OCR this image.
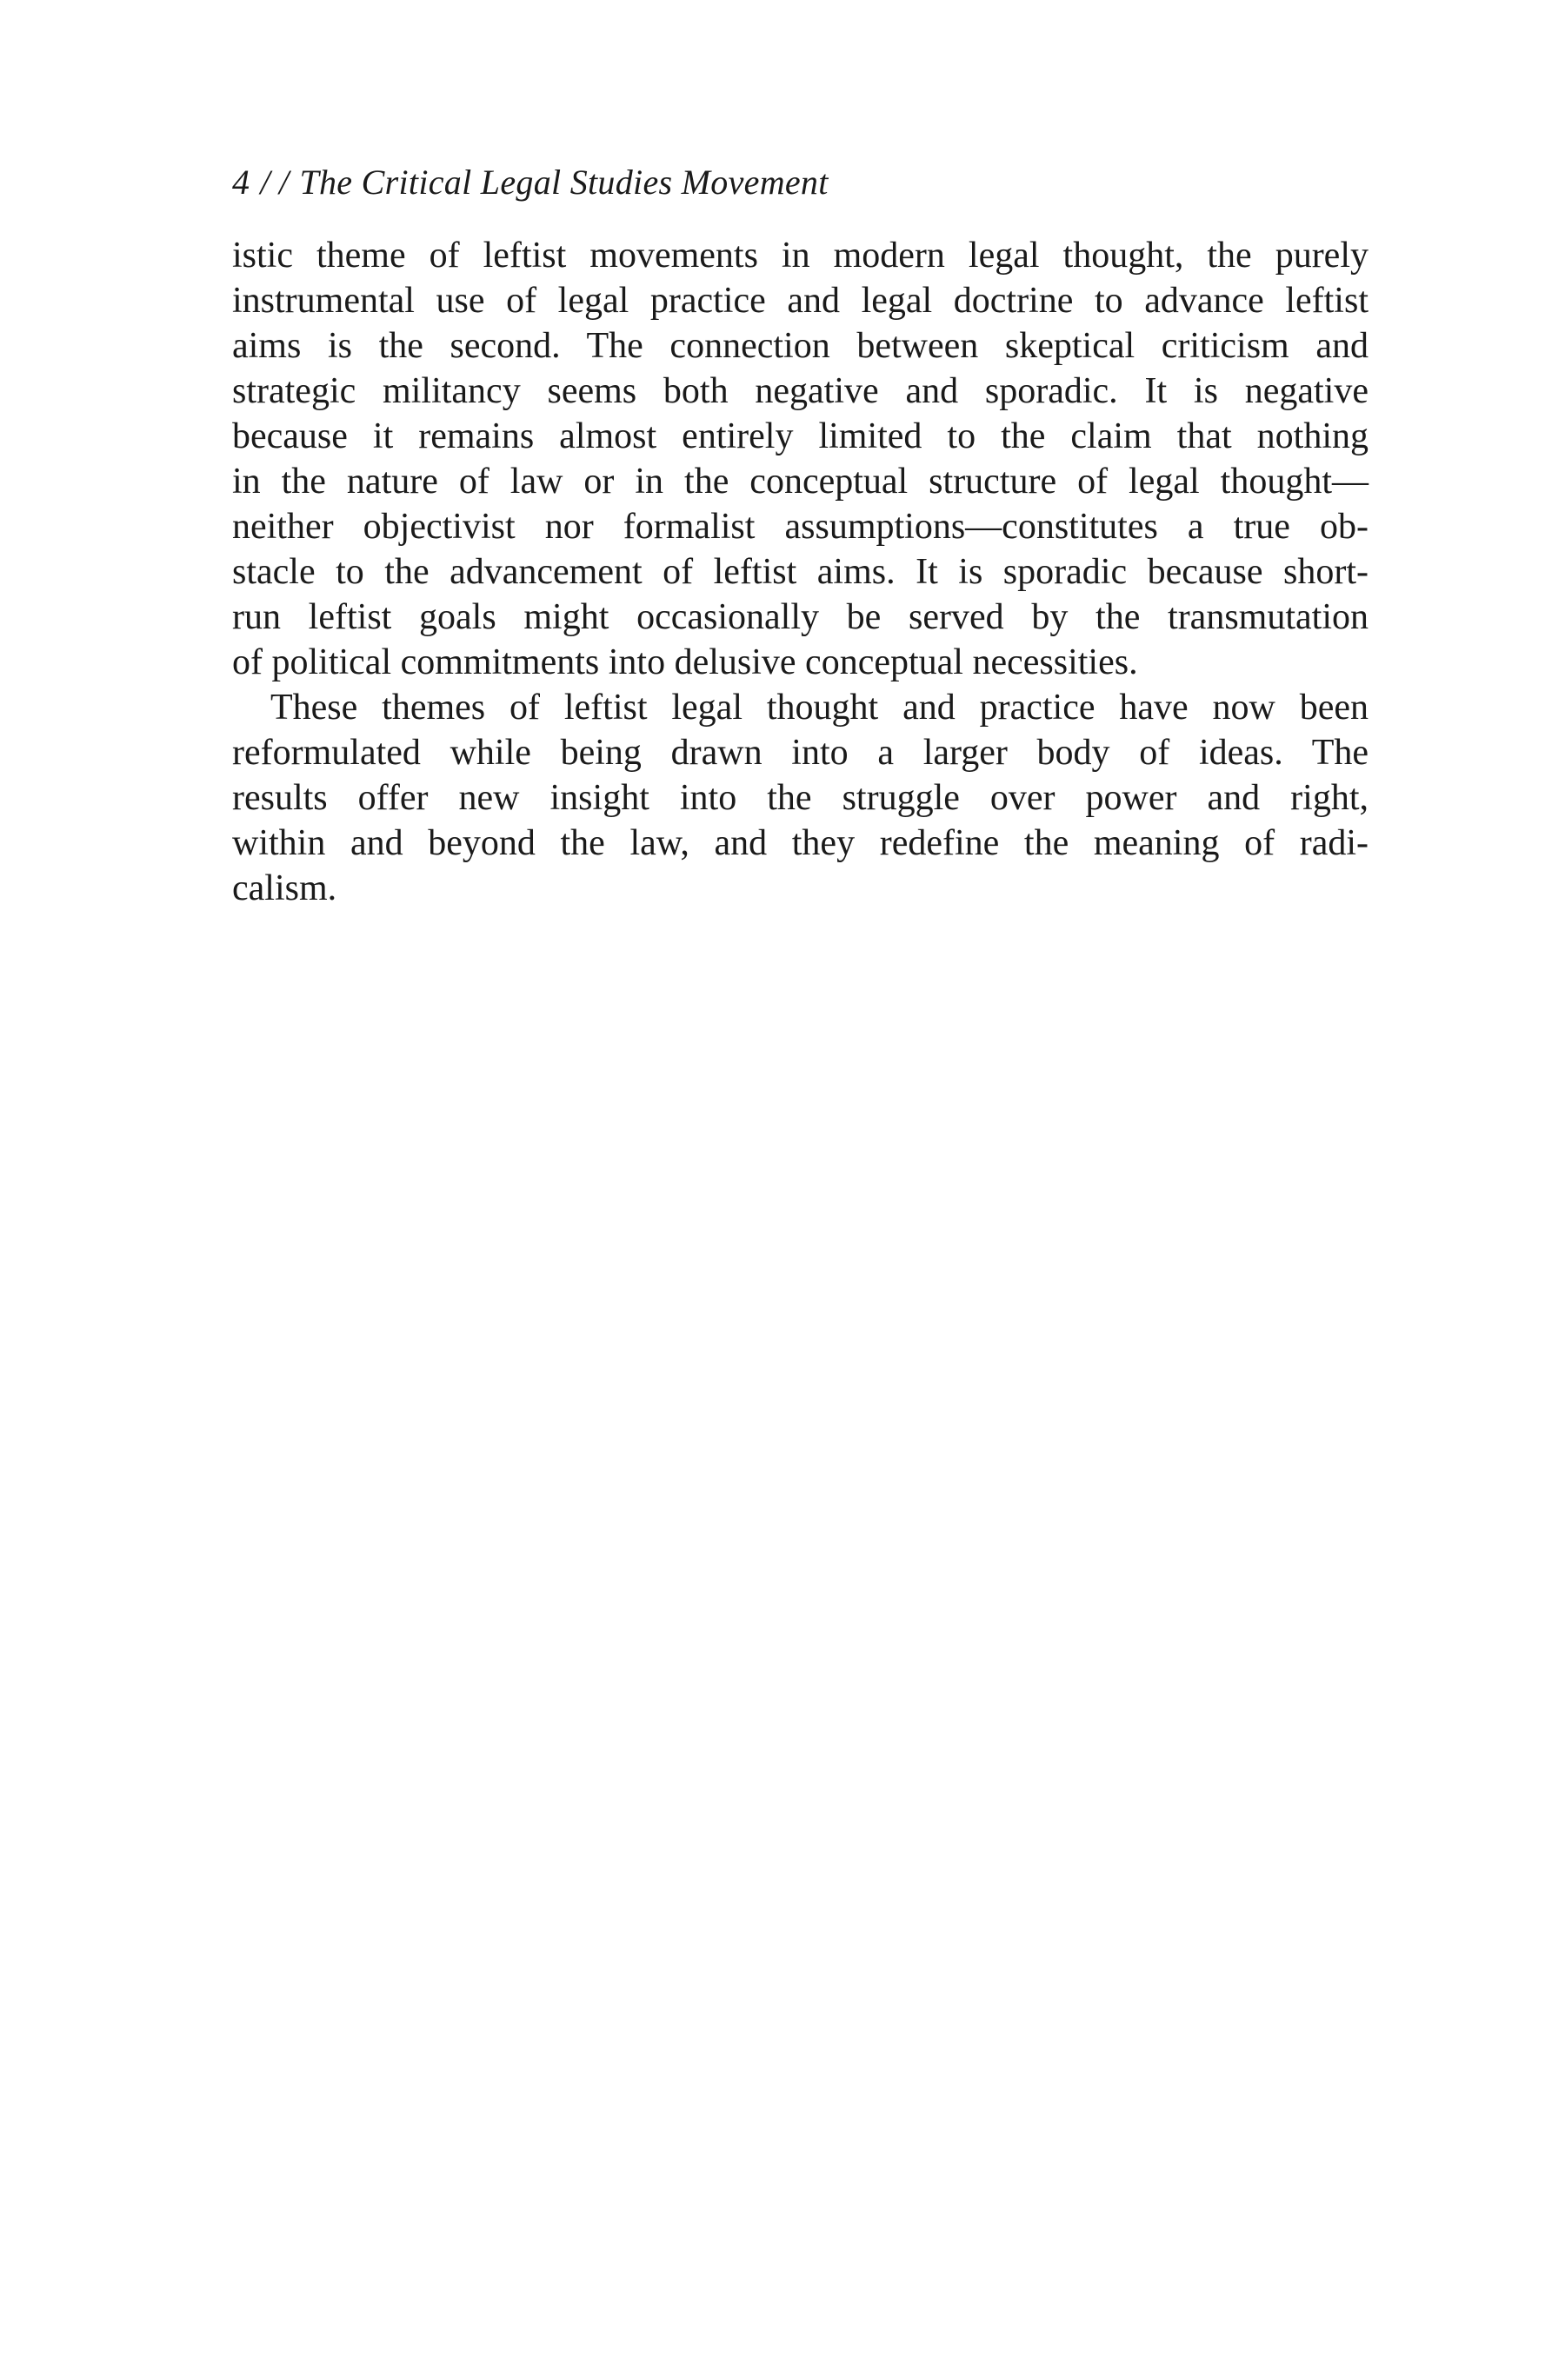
4 / / The Critical Legal Studies Movement
istic theme of leftist movements in modern legal thought, the purely
instrumental use of legal practice and legal doctrine to advance leftist
aims is the second. The connection between skeptical criticism and
strategic militancy seems both negative and sporadic. It is negative
because it remains almost entirely limited to the claim that nothing
in the nature of law or in the conceptual structure of legal thought—
neither objectivist nor formalist assumptions—constitutes a true ob-
stacle to the advancement of leftist aims. It is sporadic because short-
run leftist goals might occasionally be served by the transmutation
of political commitments into delusive conceptual necessities.
These themes of leftist legal thought and practice have now been
reformulated while being drawn into a larger body of ideas. The
results offer new insight into the struggle over power and right,
within and beyond the law, and they redefine the meaning of radi-
calism.
